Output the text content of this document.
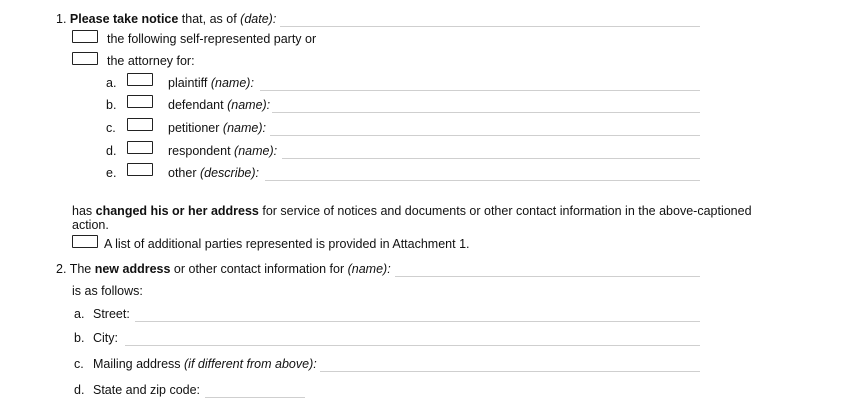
1. Please take notice that, as of (date):
the following self-represented party or
the attorney for:
a.	plaintiff (name):
b.	defendant (name):
c.	petitioner (name):
d.	respondent (name):
e.	other (describe):
has changed his or her address for service of notices and documents or other contact information in the above-captioned
action.
A list of additional parties represented is provided in Attachment 1.
2. The new address or other contact information for (name):
is as follows:
a. Street:
b. City:
c. Mailing address (if different from above):
d. State and zip code:
